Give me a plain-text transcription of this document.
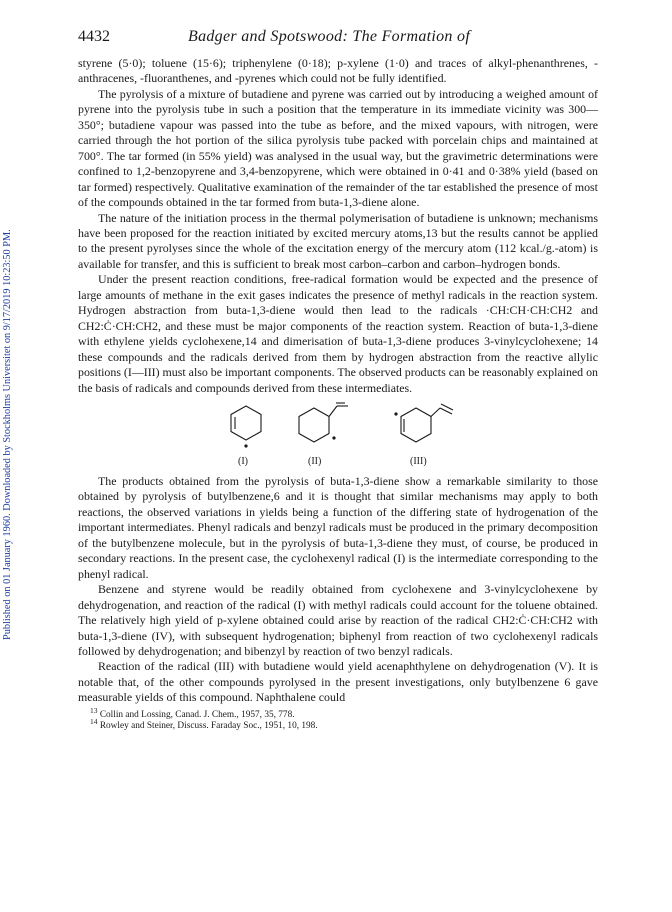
Published on 01 January 1960. Downloaded by Stockholms Universitet on 9/17/2019 10:23:50 PM.
4432	Badger and Spotswood: The Formation of

styrene (5·0); toluene (15·6); triphenylene (0·18); p-xylene (1·0) and traces of alkyl-phenanthrenes, -anthracenes, -fluoranthenes, and -pyrenes which could not be fully identified.

The pyrolysis of a mixture of butadiene and pyrene was carried out by introducing a weighed amount of pyrene into the pyrolysis tube in such a position that the temperature in its immediate vicinity was 300—350°; butadiene vapour was passed into the tube as before, and the mixed vapours, with nitrogen, were carried through the hot portion of the silica pyrolysis tube packed with porcelain chips and maintained at 700°. The tar formed (in 55% yield) was analysed in the usual way, but the gravimetric determinations were confined to 1,2-benzopyrene and 3,4-benzopyrene, which were obtained in 0·41 and 0·38% yield (based on tar formed) respectively. Qualitative examination of the remainder of the tar established the presence of most of the compounds obtained in the tar formed from buta-1,3-diene alone.

The nature of the initiation process in the thermal polymerisation of butadiene is unknown; mechanisms have been proposed for the reaction initiated by excited mercury atoms,13 but the results cannot be applied to the present pyrolyses since the whole of the excitation energy of the mercury atom (112 kcal./g.-atom) is available for transfer, and this is sufficient to break most carbon–carbon and carbon–hydrogen bonds.

Under the present reaction conditions, free-radical formation would be expected and the presence of large amounts of methane in the exit gases indicates the presence of methyl radicals in the reaction system. Hydrogen abstraction from buta-1,3-diene would then lead to the radicals ·CH:CH·CH:CH2 and CH2:Ċ·CH:CH2, and these must be major components of the reaction system. Reaction of buta-1,3-diene with ethylene yields cyclohexene,14 and dimerisation of buta-1,3-diene produces 3-vinylcyclohexene; 14 these compounds and the radicals derived from them by hydrogen abstraction from the reactive allylic positions (I—III) must also be important components. The observed products can be reasonably explained on the basis of radicals and compounds derived from these intermediates.

(I)	(II)	(III)

The products obtained from the pyrolysis of buta-1,3-diene show a remarkable similarity to those obtained by pyrolysis of butylbenzene,6 and it is thought that similar mechanisms may apply to both reactions, the observed variations in yields being a function of the differing state of hydrogenation of the important intermediates. Phenyl radicals and benzyl radicals must be produced in the primary decomposition of the butylbenzene molecule, but in the pyrolysis of buta-1,3-diene they must, of course, be produced in secondary reactions. In the present case, the cyclohexenyl radical (I) is the intermediate corresponding to the phenyl radical.

Benzene and styrene would be readily obtained from cyclohexene and 3-vinylcyclohexene by dehydrogenation, and reaction of the radical (I) with methyl radicals could account for the toluene obtained. The relatively high yield of p-xylene obtained could arise by reaction of the radical CH2:Ċ·CH:CH2 with buta-1,3-diene (IV), with subsequent hydrogenation; biphenyl from reaction of two cyclohexenyl radicals followed by dehydrogenation; and bibenzyl by reaction of two benzyl radicals.

Reaction of the radical (III) with butadiene would yield acenaphthylene on dehydrogenation (V). It is notable that, of the other compounds pyrolysed in the present investigations, only butylbenzene 6 gave measurable yields of this compound. Naphthalene could

$^{13}$ Collin and Lossing, Canad. J. Chem., 1957, 35, 778.
$^{14}$ Rowley and Steiner, Discuss. Faraday Soc., 1951, 10, 198.
